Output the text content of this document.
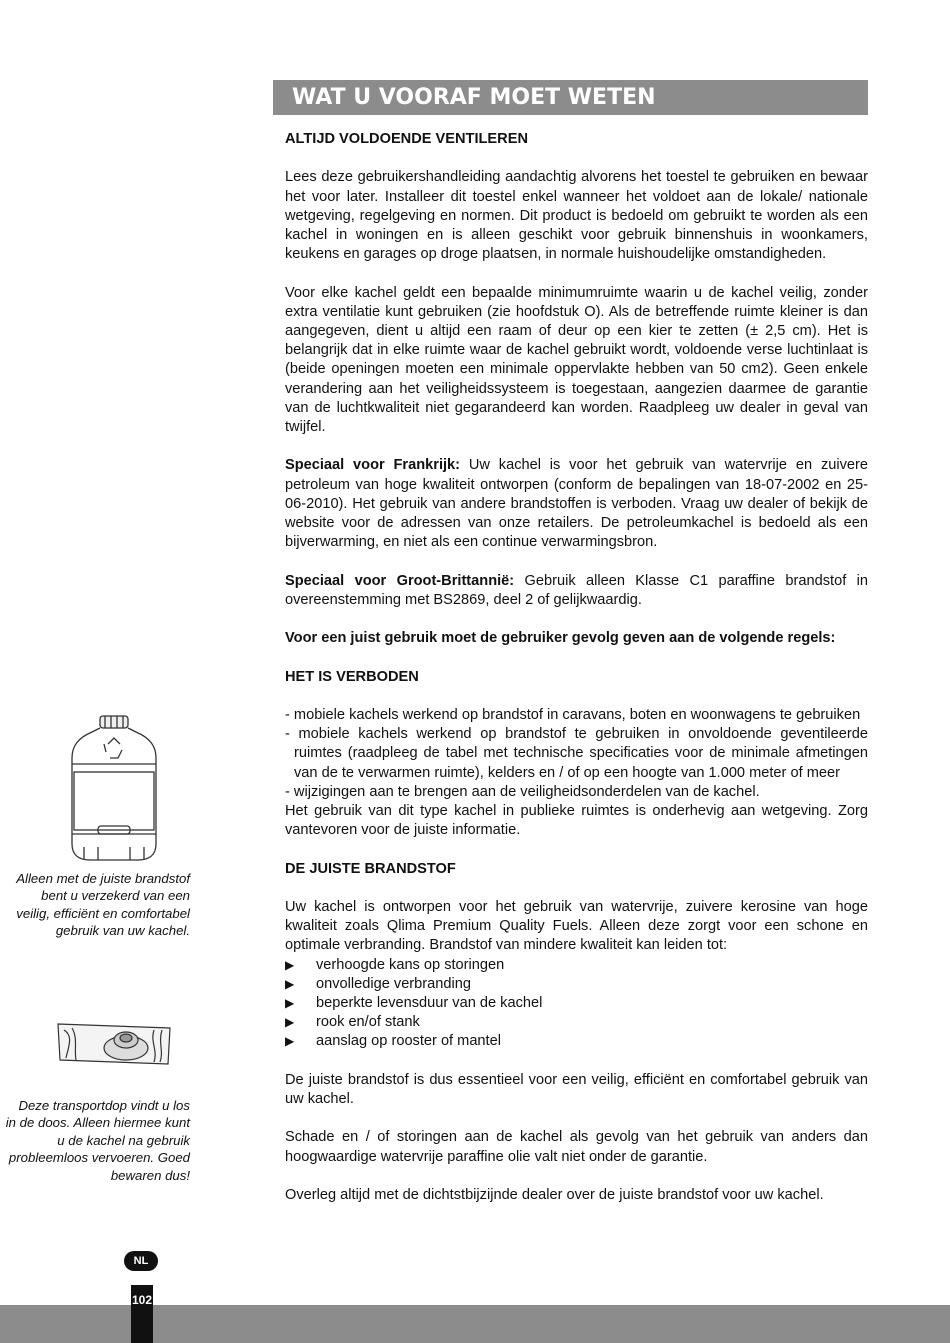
WAT U VOORAF MOET WETEN

ALTIJD VOLDOENDE VENTILEREN

Lees deze gebruikershandleiding aandachtig alvorens het toestel te gebruiken en bewaar het voor later. Installeer dit toestel enkel wanneer het voldoet aan de lokale/ nationale wetgeving, regelgeving en normen. Dit product is bedoeld om gebruikt te worden als een kachel in woningen en is alleen geschikt voor gebruik binnenshuis in woonkamers, keukens en garages op droge plaatsen, in normale huishoudelijke omstandigheden.

Voor elke kachel geldt een bepaalde minimumruimte waarin u de kachel veilig, zonder extra ventilatie kunt gebruiken (zie hoofdstuk O). Als de betreffende ruimte kleiner is dan aangegeven, dient u altijd een raam of deur op een kier te zetten (± 2,5 cm). Het is belangrijk dat in elke ruimte waar de kachel gebruikt wordt, voldoende verse luchtinlaat is (beide openingen moeten een minimale oppervlakte hebben van 50 cm2). Geen enkele verandering aan het veiligheidssysteem is toegestaan, aangezien daarmee de garantie van de luchtkwaliteit niet gegarandeerd kan worden. Raadpleeg uw dealer in geval van twijfel.

Speciaal voor Frankrijk: Uw kachel is voor het gebruik van watervrije en zuivere petroleum van hoge kwaliteit ontworpen (conform de bepalingen van 18-07-2002 en 25-06-2010). Het gebruik van andere brandstoffen is verboden. Vraag uw dealer of bekijk de website voor de adressen van onze retailers. De petroleumkachel is bedoeld als een bijverwarming, en niet als een continue verwarmingsbron.

Speciaal voor Groot-Brittannië: Gebruik alleen Klasse C1 paraffine brandstof in overeenstemming met BS2869, deel 2 of gelijkwaardig.

Voor een juist gebruik moet de gebruiker gevolg geven aan de volgende regels:

HET IS VERBODEN

- mobiele kachels werkend op brandstof in caravans, boten en woonwagens te gebruiken
- mobiele kachels werkend op brandstof te gebruiken in onvoldoende geventileerde ruimtes (raadpleeg de tabel met technische specificaties voor de minimale afmetingen van de te verwarmen ruimte), kelders en / of op een hoogte van 1.000 meter of meer
- wijzigingen aan te brengen aan de veiligheidsonderdelen van de kachel.

Het gebruik van dit type kachel in publieke ruimtes is onderhevig aan wetgeving. Zorg vantevoren voor de juiste informatie.

DE JUISTE BRANDSTOF

Uw kachel is ontworpen voor het gebruik van watervrije, zuivere kerosine van hoge kwaliteit zoals Qlima Premium Quality Fuels. Alleen deze zorgt voor een schone en optimale verbranding. Brandstof van mindere kwaliteit kan leiden tot:

▶ verhoogde kans op storingen
▶ onvolledige verbranding
▶ beperkte levensduur van de kachel
▶ rook en/of stank
▶ aanslag op rooster of mantel

De juiste brandstof is dus essentieel voor een veilig, efficiënt en comfortabel gebruik van uw kachel.

Schade en / of storingen aan de kachel als gevolg van het gebruik van anders dan hoogwaardige watervrije paraffine olie valt niet onder de garantie.

Overleg altijd met de dichtstbijzijnde dealer over de juiste brandstof voor uw kachel.

Alleen met de juiste brandstof bent u verzekerd van een veilig, efficiënt en comfortabel gebruik van uw kachel.
Deze transportdop vindt u los in de doos. Alleen hiermee kunt u de kachel na gebruik probleemloos vervoeren. Goed bewaren dus!
NL
102
